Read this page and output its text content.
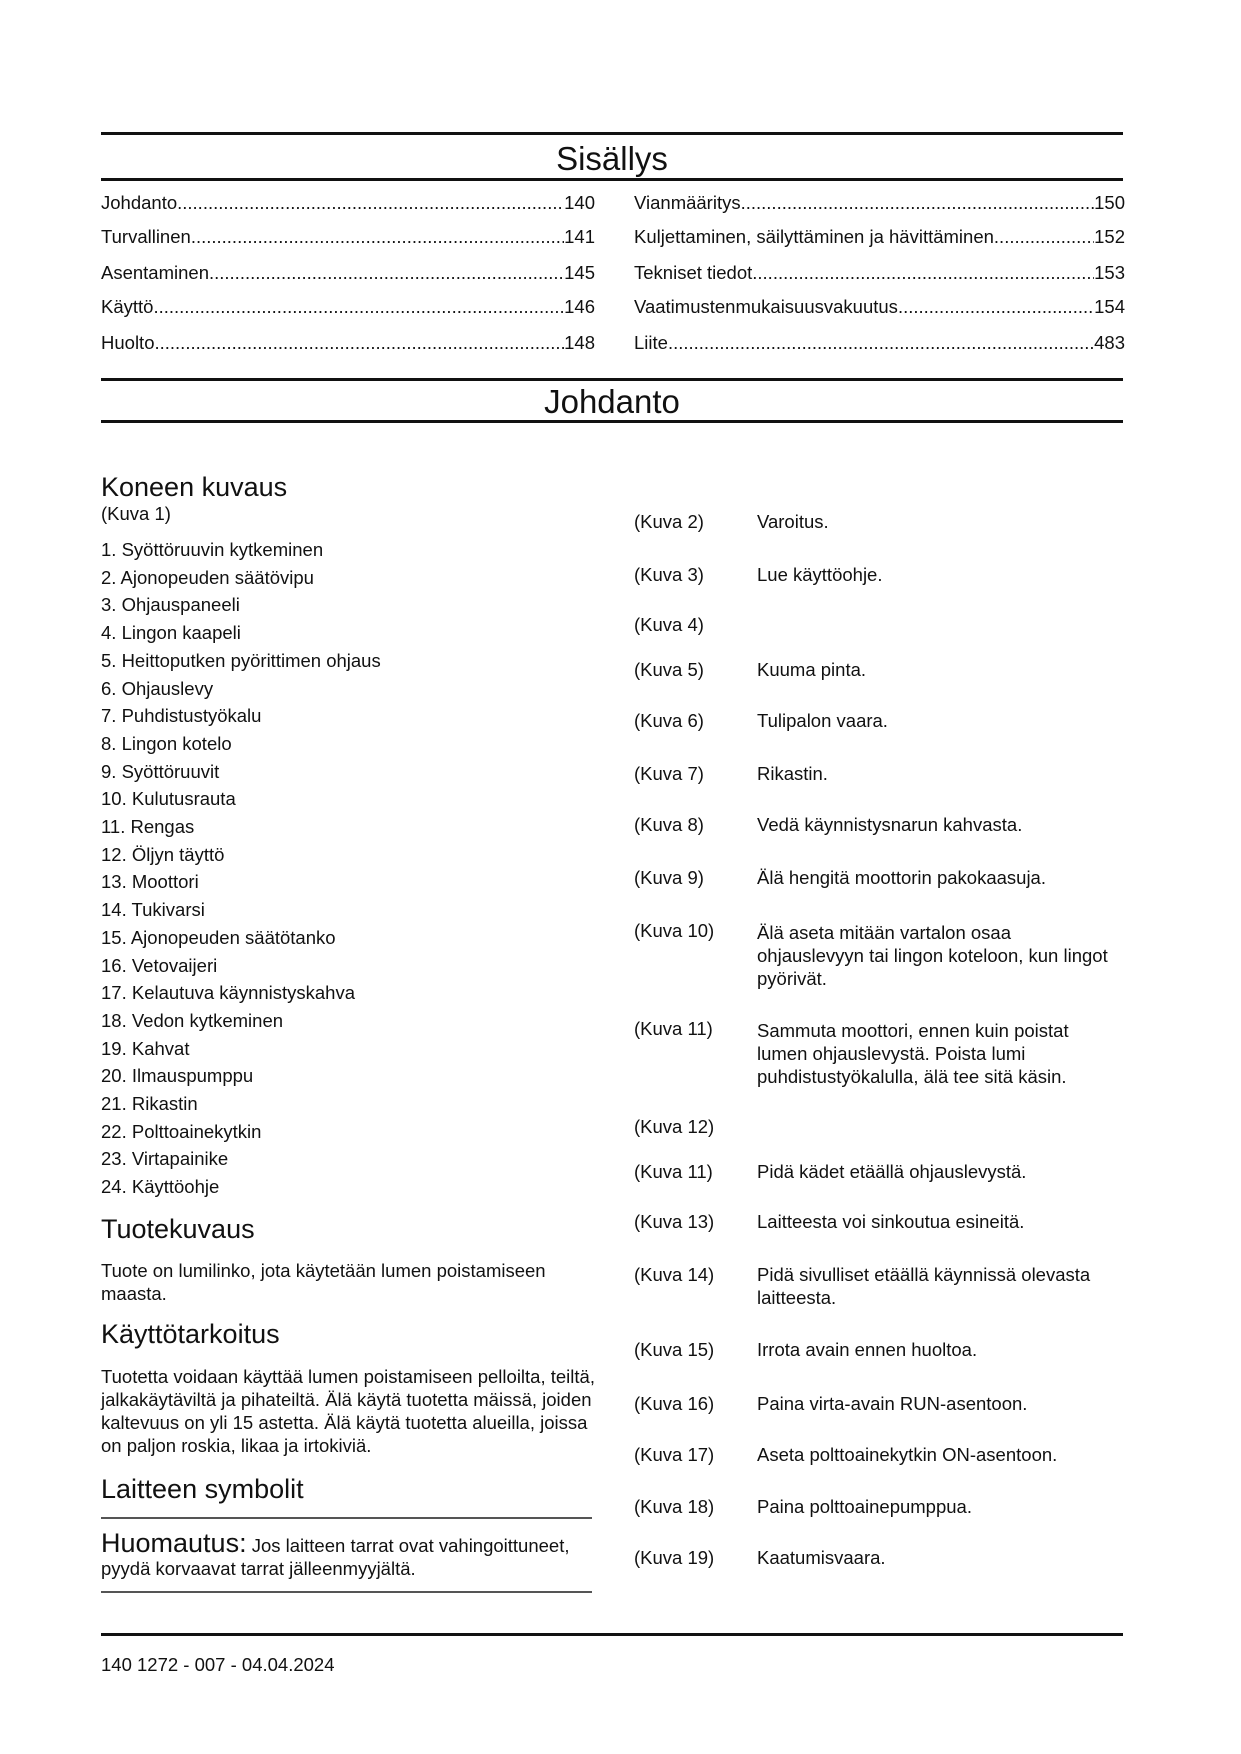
Sisällys
Johdanto .....	140
Turvallinen .....	141
Asentaminen .....	145
Käyttö .....	146
Huolto .....	148
Vianmääritys .....	150
Kuljettaminen, säilyttäminen ja hävittäminen .....	152
Tekniset tiedot .....	153
Vaatimustenmukaisuusvakuutus .....	154
Liite .....	483
Johdanto
Koneen kuvaus
(Kuva 1)
1. Syöttöruuvin kytkeminen
2. Ajonopeuden säätövipu
3. Ohjauspaneeli
4. Lingon kaapeli
5. Heittoputken pyörittimen ohjaus
6. Ohjauslevy
7. Puhdistustyökalu
8. Lingon kotelo
9. Syöttöruuvit
10. Kulutusrauta
11. Rengas
12. Öljyn täyttö
13. Moottori
14. Tukivarsi
15. Ajonopeuden säätötanko
16. Vetovaijeri
17. Kelautuva käynnistyskahva
18. Vedon kytkeminen
19. Kahvat
20. Ilmauspumppu
21. Rikastin
22. Polttoainekytkin
23. Virtapainike
24. Käyttöohje
Tuotekuvaus
Tuote on lumilinko, jota käytetään lumen poistamiseen maasta.
Käyttötarkoitus
Tuotetta voidaan käyttää lumen poistamiseen pelloilta, teiltä, jalkakäytäviltä ja pihateiltä. Älä käytä tuotetta mäissä, joiden kaltevuus on yli 15 astetta. Älä käytä tuotetta alueilla, joissa on paljon roskia, likaa ja irtokiviä.
Laitteen symbolit
Huomautus: Jos laitteen tarrat ovat vahingoittuneet, pyydä korvaavat tarrat jälleenmyyjältä.
(Kuva 2)	Varoitus.
(Kuva 3)	Lue käyttöohje.
(Kuva 4)
(Kuva 5)	Kuuma pinta.
(Kuva 6)	Tulipalon vaara.
(Kuva 7)	Rikastin.
(Kuva 8)	Vedä käynnistysnarun kahvasta.
(Kuva 9)	Älä hengitä moottorin pakokaasuja.
(Kuva 10) Älä aseta mitään vartalon osaa ohjauslevyyn tai lingon koteloon, kun lingot pyörivät.
(Kuva 11) Sammuta moottori, ennen kuin poistat lumen ohjauslevystä. Poista lumi puhdistustyökalulla, älä tee sitä käsin.
(Kuva 12)
(Kuva 11) Pidä kädet etäällä ohjauslevystä.
(Kuva 13) Laitteesta voi sinkoutua esineitä.
(Kuva 14) Pidä sivulliset etäällä käynnissä olevasta laitteesta.
(Kuva 15) Irrota avain ennen huoltoa.
(Kuva 16) Paina virta-avain RUN-asentoon.
(Kuva 17) Aseta polttoainekytkin ON-asentoon.
(Kuva 18) Paina polttoainepumppua.
(Kuva 19) Kaatumisvaara.
140 1272 - 007 - 04.04.2024
